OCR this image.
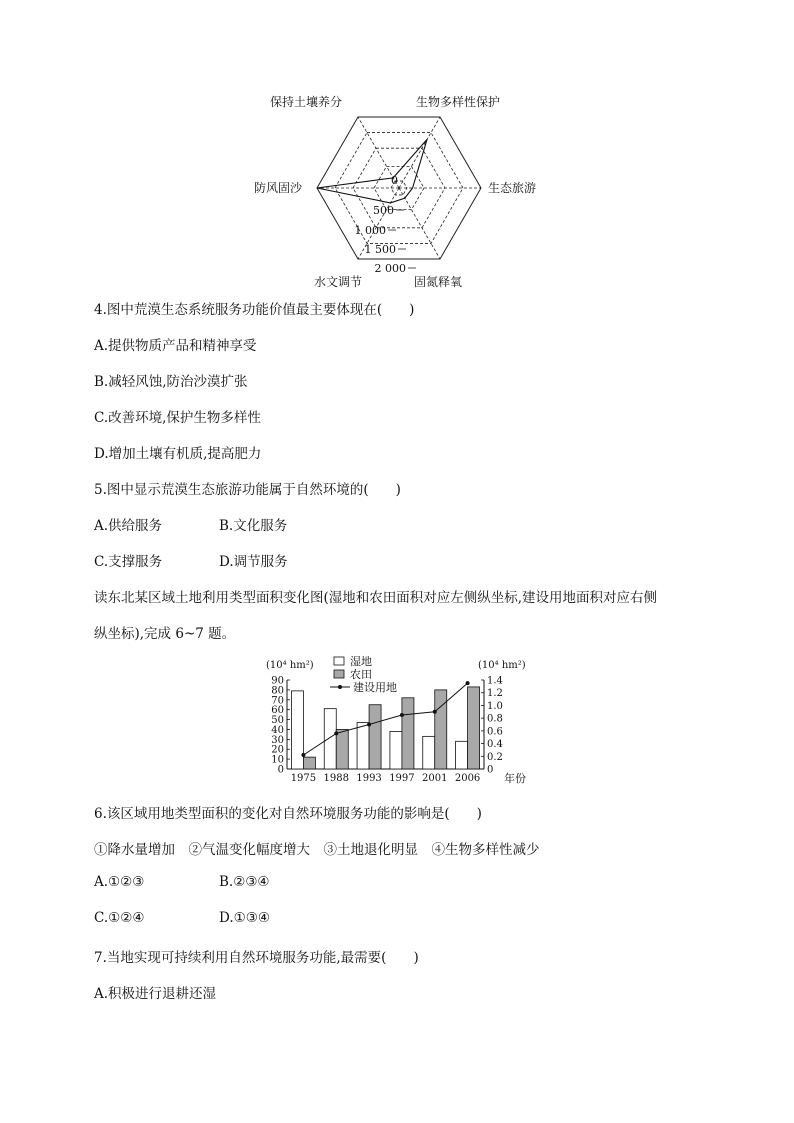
保持土壤养分	生物多样性保护
生态旅游
固氮释氧
水文调节
防风固沙
0
500
1 000
1 500
2 000
4.图中荒漠生态系统服务功能价值最主要体现在(　　)
A.提供物质产品和精神享受
B.减轻风蚀,防治沙漠扩张
C.改善环境,保护生物多样性
D.增加土壤有机质,提高肥力
5.图中显示荒漠生态旅游功能属于自然环境的(　　)
A.供给服务	B.文化服务
C.支撑服务	D.调节服务
读东北某区域土地利用类型面积变化图(湿地和农田面积对应左侧纵坐标,建设用地面积对应右侧
纵坐标),完成 6~7 题。
90
80
70
60
50
40
30
20
10
0
1.4
1.2
1.0
0.8
0.6
0.4
0.2
0
(10⁴ hm²)	(10⁴ hm²)
年份
1975 1988 1993 1997 2001 2006
湿地
农田
建设用地
6.该区域用地类型面积的变化对自然环境服务功能的影响是(　　)
①降水量增加　②气温变化幅度增大　③土地退化明显　④生物多样性减少
A.①②③	B.②③④
C.①②④	D.①③④
7.当地实现可持续利用自然环境服务功能,最需要(　　)
A.积极进行退耕还湿
